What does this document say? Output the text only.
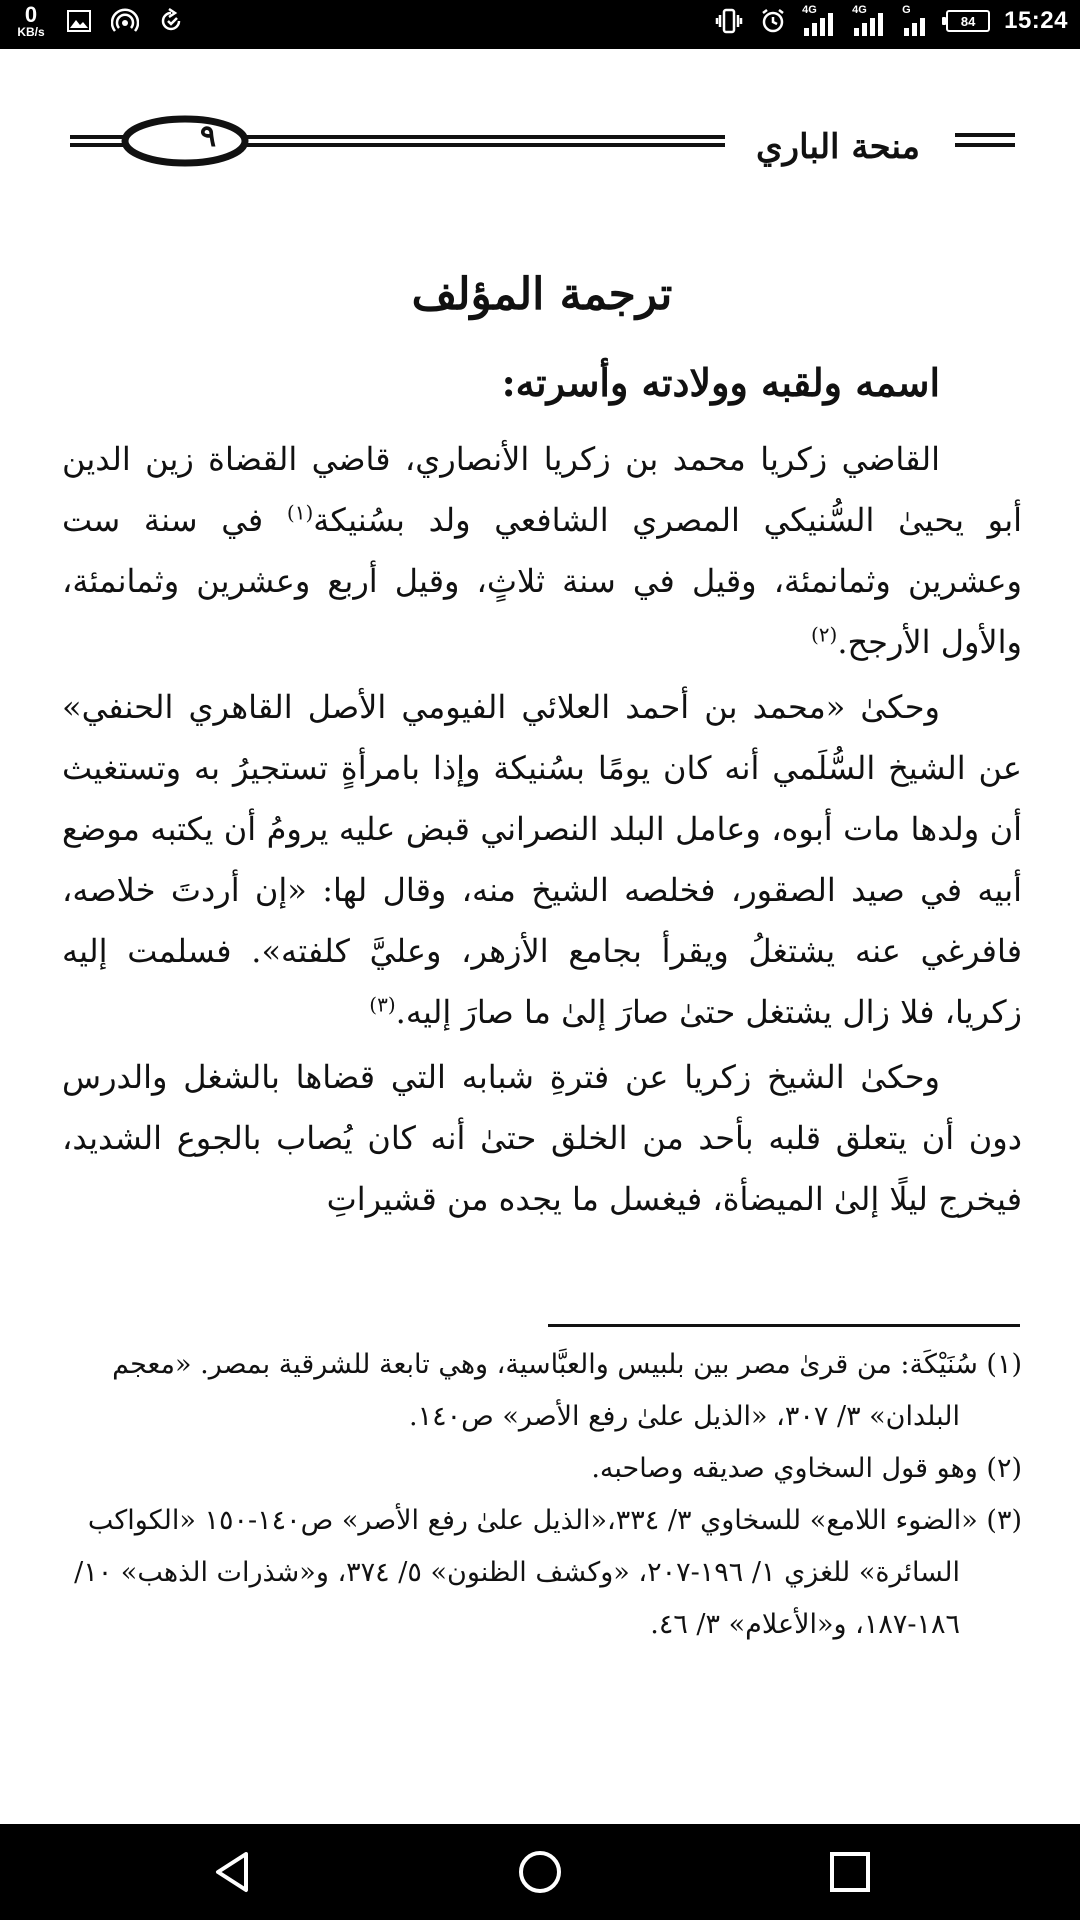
0
KB/s
4G	4G	G
84 15:24
٩	منحة الباري
ترجمة المؤلف
اسمه ولقبه وولادته وأسرته:

القاضي زكريا محمد بن زكريا الأنصاري، قاضي القضاة زين الدين أبو يحيىٰ السُّنيكي المصري الشافعي ولد بسُنيكة$^{(١)}$ في سنة ست وعشرين وثمانمئة، وقيل في سنة ثلاثٍ، وقيل أربع وعشرين وثمانمئة، والأول الأرجح.$^{(٢)}$

وحكىٰ «محمد بن أحمد العلائي الفيومي الأصل القاهري الحنفي» عن الشيخ السُّلَمي أنه كان يومًا بسُنيكة وإذا بامرأةٍ تستجيرُ به وتستغيث أن ولدها مات أبوه، وعامل البلد النصراني قبض عليه يرومُ أن يكتبه موضع أبيه في صيد الصقور، فخلصه الشيخ منه، وقال لها: «إن أردتَ خلاصه، فافرغي عنه يشتغلُ ويقرأ بجامع الأزهر، وعليَّ كلفته». فسلمت إليه زكريا، فلا زال يشتغل حتىٰ صارَ إلىٰ ما صارَ إليه.$^{(٣)}$

وحكىٰ الشيخ زكريا عن فترةِ شبابه التي قضاها بالشغل والدرس دون أن يتعلق قلبه بأحد من الخلق حتىٰ أنه كان يُصاب بالجوع الشديد، فيخرج ليلًا إلىٰ الميضأة، فيغسل ما يجده من قشيراتِ

(١) سُنَيْكَة: من قرىٰ مصر بين بلبيس والعبَّاسية، وهي تابعة للشرقية بمصر. «معجم البلدان» ٣/ ٣٠٧، «الذيل علىٰ رفع الأصر» ص١٤٠.

(٢) وهو قول السخاوي صديقه وصاحبه.

(٣) «الضوء اللامع» للسخاوي ٣/ ٣٣٤،«الذيل علىٰ رفع الأصر» ص١٤٠-١٥٠ «الكواكب السائرة» للغزي ١/ ١٩٦-٢٠٧، «وكشف الظنون» ٥/ ٣٧٤، و«شذرات الذهب» ١٠/ ١٨٦-١٨٧، و«الأعلام» ٣/ ٤٦.
